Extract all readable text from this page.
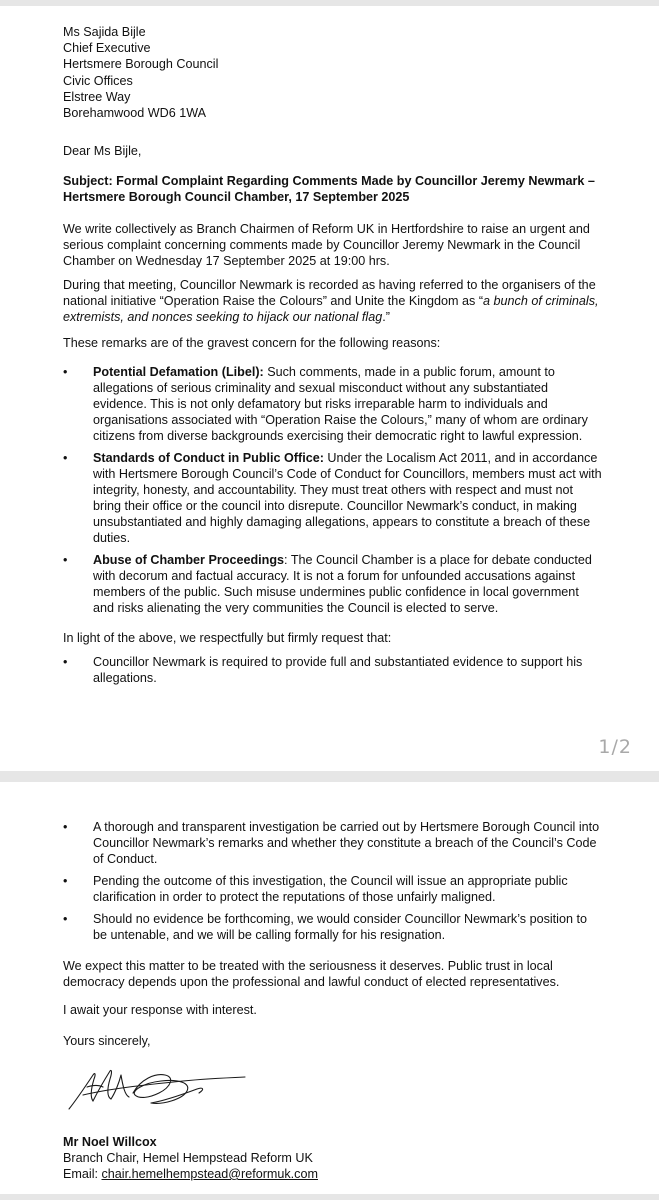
Ms Sajida Bijle
Chief Executive
Hertsmere Borough Council
Civic Offices
Elstree Way
Borehamwood WD6 1WA

Dear Ms Bijle,

Subject: Formal Complaint Regarding Comments Made by Councillor Jeremy Newmark – Hertsmere Borough Council Chamber, 17 September 2025

We write collectively as Branch Chairmen of Reform UK in Hertfordshire to raise an urgent and serious complaint concerning comments made by Councillor Jeremy Newmark in the Council Chamber on Wednesday 17 September 2025 at 19:00 hrs.

During that meeting, Councillor Newmark is recorded as having referred to the organisers of the national initiative “Operation Raise the Colours” and Unite the Kingdom as “a bunch of criminals, extremists, and nonces seeking to hijack our national flag.”

These remarks are of the gravest concern for the following reasons:

• Potential Defamation (Libel): Such comments, made in a public forum, amount to allegations of serious criminality and sexual misconduct without any substantiated evidence. This is not only defamatory but risks irreparable harm to individuals and organisations associated with “Operation Raise the Colours,” many of whom are ordinary citizens from diverse backgrounds exercising their democratic right to lawful expression.
• Standards of Conduct in Public Office: Under the Localism Act 2011, and in accordance with Hertsmere Borough Council’s Code of Conduct for Councillors, members must act with integrity, honesty, and accountability. They must treat others with respect and must not bring their office or the council into disrepute. Councillor Newmark’s conduct, in making unsubstantiated and highly damaging allegations, appears to constitute a breach of these duties.
• Abuse of Chamber Proceedings: The Council Chamber is a place for debate conducted with decorum and factual accuracy. It is not a forum for unfounded accusations against members of the public. Such misuse undermines public confidence in local government and risks alienating the very communities the Council is elected to serve.

In light of the above, we respectfully but firmly request that:

• Councillor Newmark is required to provide full and substantiated evidence to support his allegations.
1/2
• A thorough and transparent investigation be carried out by Hertsmere Borough Council into Councillor Newmark’s remarks and whether they constitute a breach of the Council’s Code of Conduct.
• Pending the outcome of this investigation, the Council will issue an appropriate public clarification in order to protect the reputations of those unfairly maligned.
• Should no evidence be forthcoming, we would consider Councillor Newmark’s position to be untenable, and we will be calling formally for his resignation.

We expect this matter to be treated with the seriousness it deserves. Public trust in local democracy depends upon the professional and lawful conduct of elected representatives.

I await your response with interest.

Yours sincerely,

Mr Noel Willcox
Branch Chair, Hemel Hempstead Reform UK
Email: chair.hemelhempstead@reformuk.com
